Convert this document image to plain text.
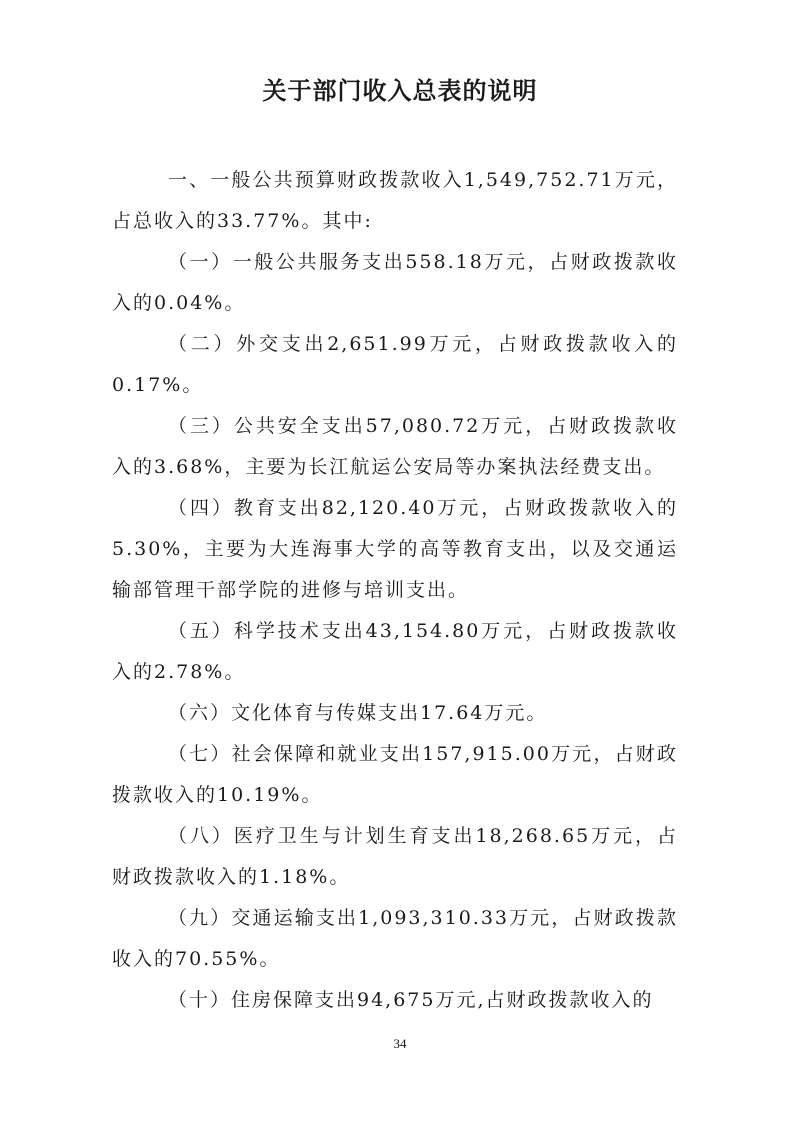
关于部门收入总表的说明

一、一般公共预算财政拨款收入1,549,752.71万元，占总收入的33.77%。其中:

（一）一般公共服务支出558.18万元，占财政拨款收入的0.04%。

（二）外交支出2,651.99万元，占财政拨款收入的0.17%。

（三）公共安全支出57,080.72万元，占财政拨款收入的3.68%，主要为长江航运公安局等办案执法经费支出。

（四）教育支出82,120.40万元，占财政拨款收入的5.30%，主要为大连海事大学的高等教育支出，以及交通运输部管理干部学院的进修与培训支出。

（五）科学技术支出43,154.80万元，占财政拨款收入的2.78%。

（六）文化体育与传媒支出17.64万元。

（七）社会保障和就业支出157,915.00万元，占财政拨款收入的10.19%。

（八）医疗卫生与计划生育支出18,268.65万元，占财政拨款收入的1.18%。

（九）交通运输支出1,093,310.33万元，占财政拨款收入的70.55%。

（十）住房保障支出94,675万元,占财政拨款收入的

34
